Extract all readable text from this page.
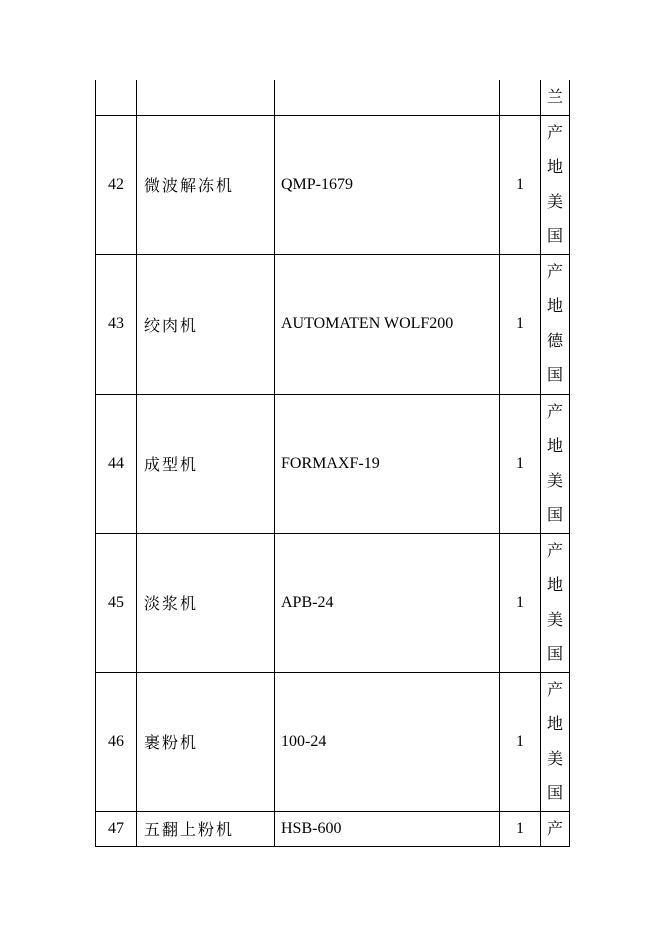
				兰

42	微波解冻机	QMP-1679	1	产地美国

43	绞肉机	AUTOMATEN WOLF200	1	产地德国

44	成型机	FORMAXF-19	1	产地美国

45	淡浆机	APB-24	1	产地美国

46	裹粉机	100-24	1	产地美国

47	五翻上粉机	HSB-600	1	产
